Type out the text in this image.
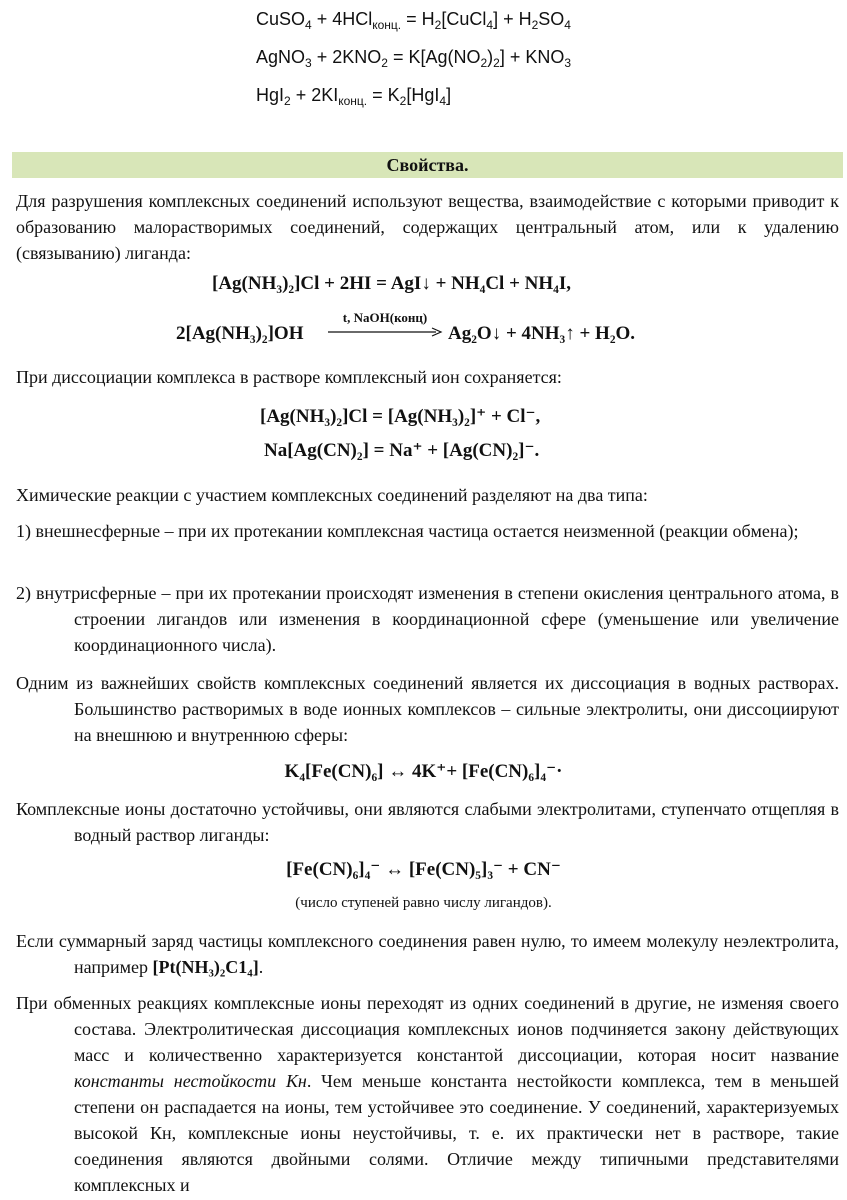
CuSO$_4$ + $4HCl_{конц.} = H_2[CuCl_4] + H_2SO_4$
AgNO$_3$ + $2KNO_2 = K[Ag(NO_2)_2] + KNO_3$
$HgI_2 + 2KI_{конц.} = K_2[HgI_4]$
Свойства.
Для разрушения комплексных соединений используют вещества, взаимодействие с которыми приводит к образованию малорастворимых соединений, содержащих центральный атом, или к удалению (связыванию) лиганда:
[Ag(NH₃)₂]Cl + 2HI = AgI↓ + NH₄Cl + NH₄I,
2[Ag(NH₃)₂]OH
t, NaOH(конц)
Ag₂O↓ + 4NH₃↑ + H₂O.
При диссоциации комплекса в растворе комплексный ион сохраняется:
[Ag(NH₃)₂]Cl = [Ag(NH₃)₂]⁺ + Cl⁻,
Na[Ag(CN)₂] = Na⁺ + [Ag(CN)₂]⁻.
Химические реакции с участием комплексных соединений разделяют на два типа:
1) внешнесферные – при их протекании комплексная частица остается неизменной (реакции обмена);
2) внутрисферные – при их протекании происходят изменения в степени окисления центрального атома, в строении лигандов или изменения в координационной сфере (уменьшение или увеличение координационного числа).
Одним из важнейших свойств комплексных соединений является их диссоциация в водных растворах. Большинство растворимых в воде ионных комплексов – сильные электролиты, они диссоциируют на внешнюю и внутреннюю сферы:
K₄[Fe(CN)₆] ↔ 4K⁺+ [Fe(CN)₆]₄⁻·
Комплексные ионы достаточно устойчивы, они являются слабыми электролитами, ступенчато отщепляя в водный раствор лиганды:
[Fe(CN)₆]₄⁻ ↔ [Fe(CN)₅]₃⁻ + CN⁻
(число ступеней равно числу лигандов).
Если суммарный заряд частицы комплексного соединения равен нулю, то имеем молекулу неэлектролита, например [Pt(NH₃)₂C1₄].
При обменных реакциях комплексные ионы переходят из одних соединений в другие, не изменяя своего состава. Электролитическая диссоциация комплексных ионов подчиняется закону действующих масс и количественно характеризуется константой диссоциации, которая носит название константы нестойкости Кн. Чем меньше константа нестойкости комплекса, тем в меньшей степени он распадается на ионы, тем устойчивее это соединение. У соединений, характеризуемых высокой Кн, комплексные ионы неустойчивы, т. е. их практически нет в растворе, такие соединения являются двойными солями. Отличие между типичными представителями комплексных и
